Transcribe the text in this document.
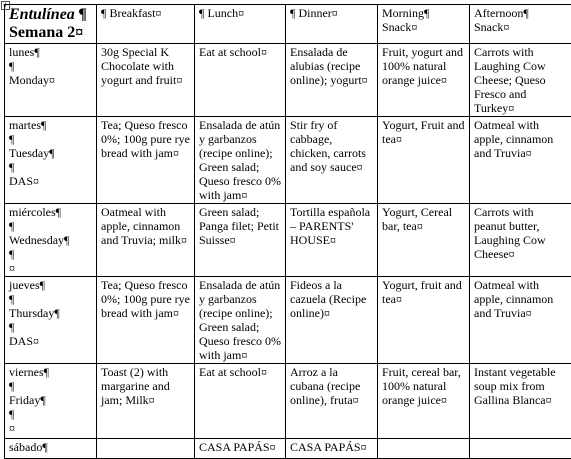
+
Entulínea ¶
Semana 2¤	¶ Breakfast¤	¶ Lunch¤	¶ Dinner¤	Morning¶ Snack¤	Afternoon¶ Snack¤

lunes¶
¶
Monday¤	30g Special K Chocolate with yogurt and fruit¤	Eat at school¤	Ensalada de alubias (recipe online); yogurt¤	Fruit, yogurt and 100% natural orange juice¤	Carrots with Laughing Cow Cheese; Queso Fresco and Turkey¤

martes¶
¶
Tuesday¶
¶
DAS¤	Tea; Queso fresco 0%; 100g pure rye bread with jam¤	Ensalada de atún y garbanzos (recipe online); Green salad; Queso fresco 0% with jam¤	Stir fry of cabbage, chicken, carrots and soy sauce¤	Yogurt, Fruit and tea¤	Oatmeal with apple, cinnamon and Truvia¤

miércoles¶
¶
Wednesday¶
¶
¤	Oatmeal with apple, cinnamon and Truvia; milk¤	Green salad; Panga filet; Petit Suisse¤	Tortilla española – PARENTS' HOUSE¤	Yogurt, Cereal bar, tea¤	Carrots with peanut butter, Laughing Cow Cheese¤

jueves¶
¶
Thursday¶
¶
DAS¤	Tea; Queso fresco 0%; 100g pure rye bread with jam¤	Ensalada de atún y garbanzos (recipe online); Green salad; Queso fresco 0% with jam¤	Fideos a la cazuela (Recipe online)¤	Yogurt, fruit and tea¤	Oatmeal with apple, cinnamon and Truvia¤

viernes¶
¶
Friday¶
¶
¤	Toast (2) with margarine and jam; Milk¤	Eat at school¤	Arroz a la cubana (recipe online), fruta¤	Fruit, cereal bar, 100% natural orange juice¤	Instant vegetable soup mix from Gallina Blanca¤

sábado¶		CASA PAPÁS¤	CASA PAPÁS¤		
